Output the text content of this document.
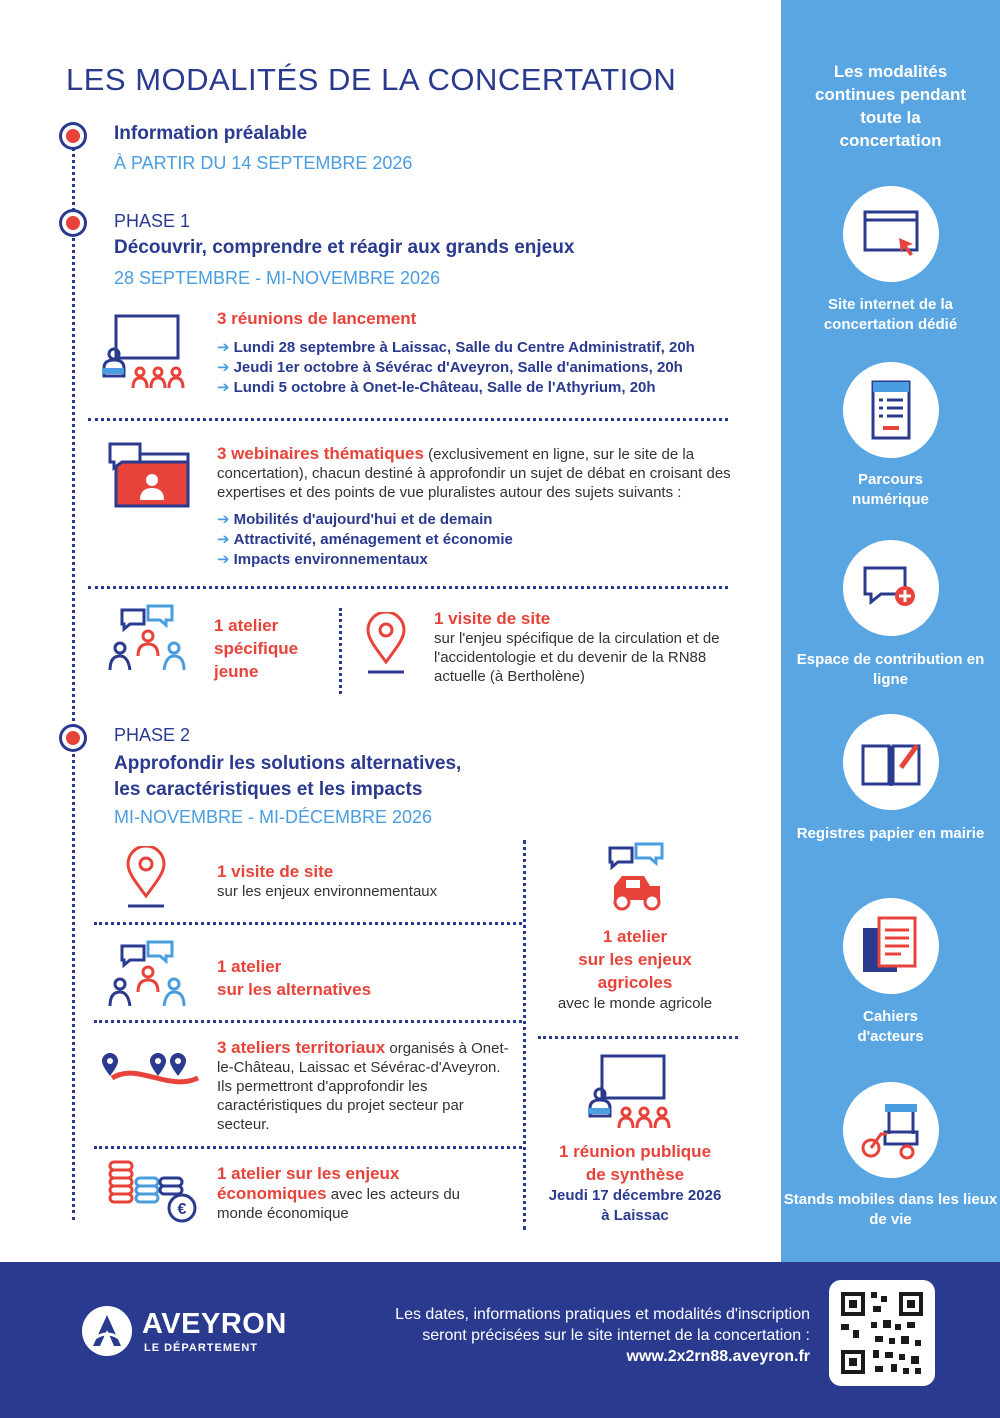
LES MODALITÉS DE LA CONCERTATION
Information préalable
À PARTIR DU 14 SEPTEMBRE 2026
PHASE 1
Découvrir, comprendre et réagir aux grands enjeux
28 SEPTEMBRE - MI-NOVEMBRE 2026
3 réunions de lancement
➔ Lundi 28 septembre à Laissac, Salle du Centre Administratif, 20h
➔ Jeudi 1er octobre à Sévérac d'Aveyron, Salle d'animations, 20h
➔ Lundi 5 octobre à Onet-le-Château, Salle de l'Athyrium, 20h
3 webinaires thématiques (exclusivement en ligne, sur le site de la concertation), chacun destiné à approfondir un sujet de débat en croisant des expertises et des points de vue pluralistes autour des sujets suivants :
➔ Mobilités d'aujourd'hui et de demain
➔ Attractivité, aménagement et économie
➔ Impacts environnementaux
1 atelier
spécifique
jeune
1 visite de site
sur l'enjeu spécifique de la circulation et de l'accidentologie et du devenir de la RN88 actuelle (à Bertholène)
PHASE 2
Approfondir les solutions alternatives,
les caractéristiques et les impacts
MI-NOVEMBRE - MI-DÉCEMBRE 2026
1 visite de site
sur les enjeux environnementaux
1 atelier
sur les alternatives
3 ateliers territoriaux organisés à Onet-le-Château, Laissac et Sévérac-d'Aveyron. Ils permettront d'approfondir les caractéristiques du projet secteur par secteur.
€
1 atelier sur les enjeux économiques avec les acteurs du monde économique
1 atelier
sur les enjeux
agricoles
avec le monde agricole
1 réunion publique
de synthèse
Jeudi 17 décembre 2026
à Laissac
Les modalités continues pendant toute la concertation
Site internet de la concertation dédié
Parcours numérique
Espace de contribution en ligne
Registres papier en mairie
Cahiers d'acteurs
Stands mobiles dans les lieux de vie
AVEYRON
LE DÉPARTEMENT
Les dates, informations pratiques et modalités d'inscription
seront précisées sur le site internet de la concertation :
www.2x2rn88.aveyron.fr
